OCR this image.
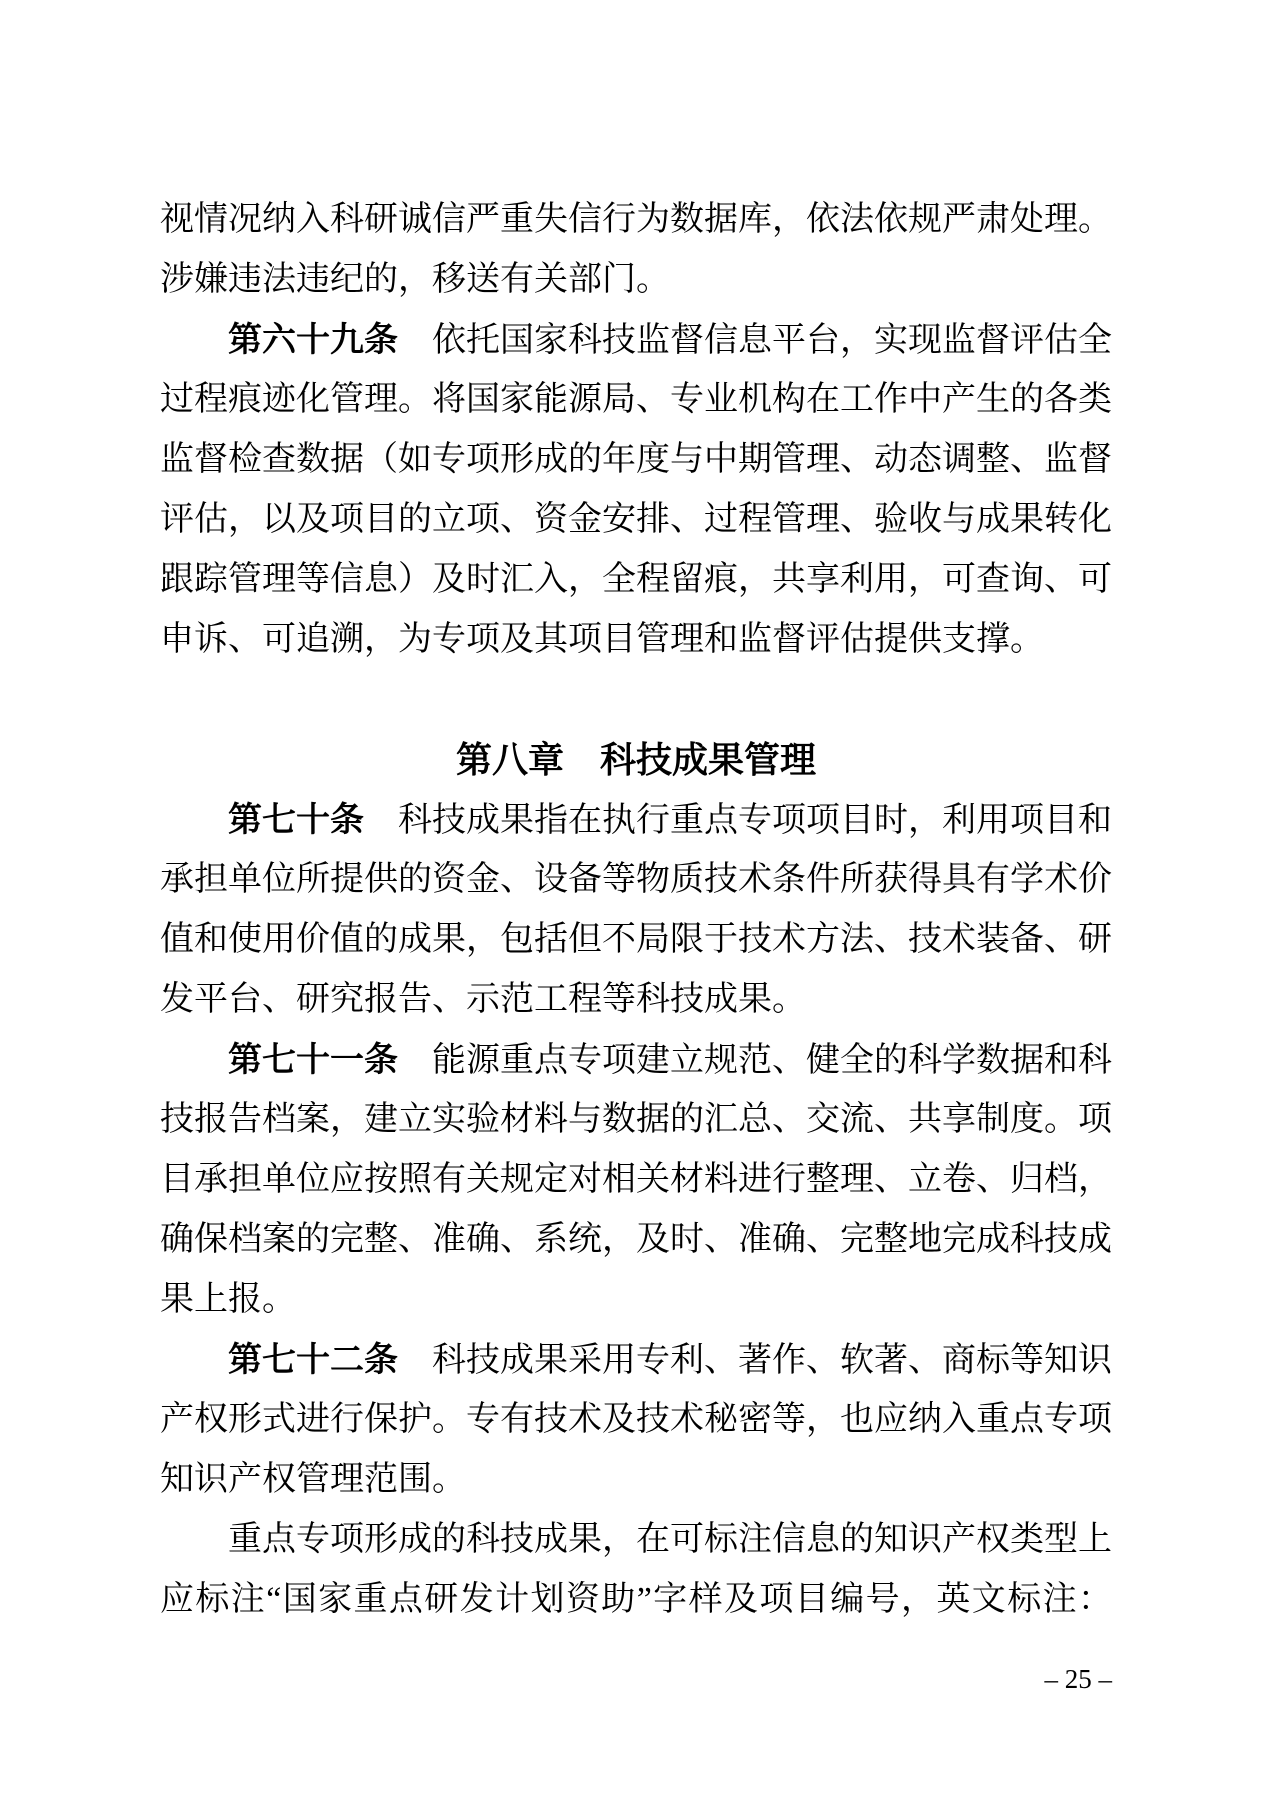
视情况纳入科研诚信严重失信行为数据库，依法依规严肃处理。
涉嫌违法违纪的，移送有关部门。
第六十九条　依托国家科技监督信息平台，实现监督评估全
过程痕迹化管理。将国家能源局、专业机构在工作中产生的各类
监督检查数据（如专项形成的年度与中期管理、动态调整、监督
评估，以及项目的立项、资金安排、过程管理、验收与成果转化
跟踪管理等信息）及时汇入，全程留痕，共享利用，可查询、可
申诉、可追溯，为专项及其项目管理和监督评估提供支撑。
第八章　科技成果管理
第七十条　科技成果指在执行重点专项项目时，利用项目和
承担单位所提供的资金、设备等物质技术条件所获得具有学术价
值和使用价值的成果，包括但不局限于技术方法、技术装备、研
发平台、研究报告、示范工程等科技成果。
第七十一条　能源重点专项建立规范、健全的科学数据和科
技报告档案，建立实验材料与数据的汇总、交流、共享制度。项
目承担单位应按照有关规定对相关材料进行整理、立卷、归档，
确保档案的完整、准确、系统，及时、准确、完整地完成科技成
果上报。
第七十二条　科技成果采用专利、著作、软著、商标等知识
产权形式进行保护。专有技术及技术秘密等，也应纳入重点专项
知识产权管理范围。
重点专项形成的科技成果，在可标注信息的知识产权类型上
应标注“国家重点研发计划资助”字样及项目编号，英文标注：
– 25 –
